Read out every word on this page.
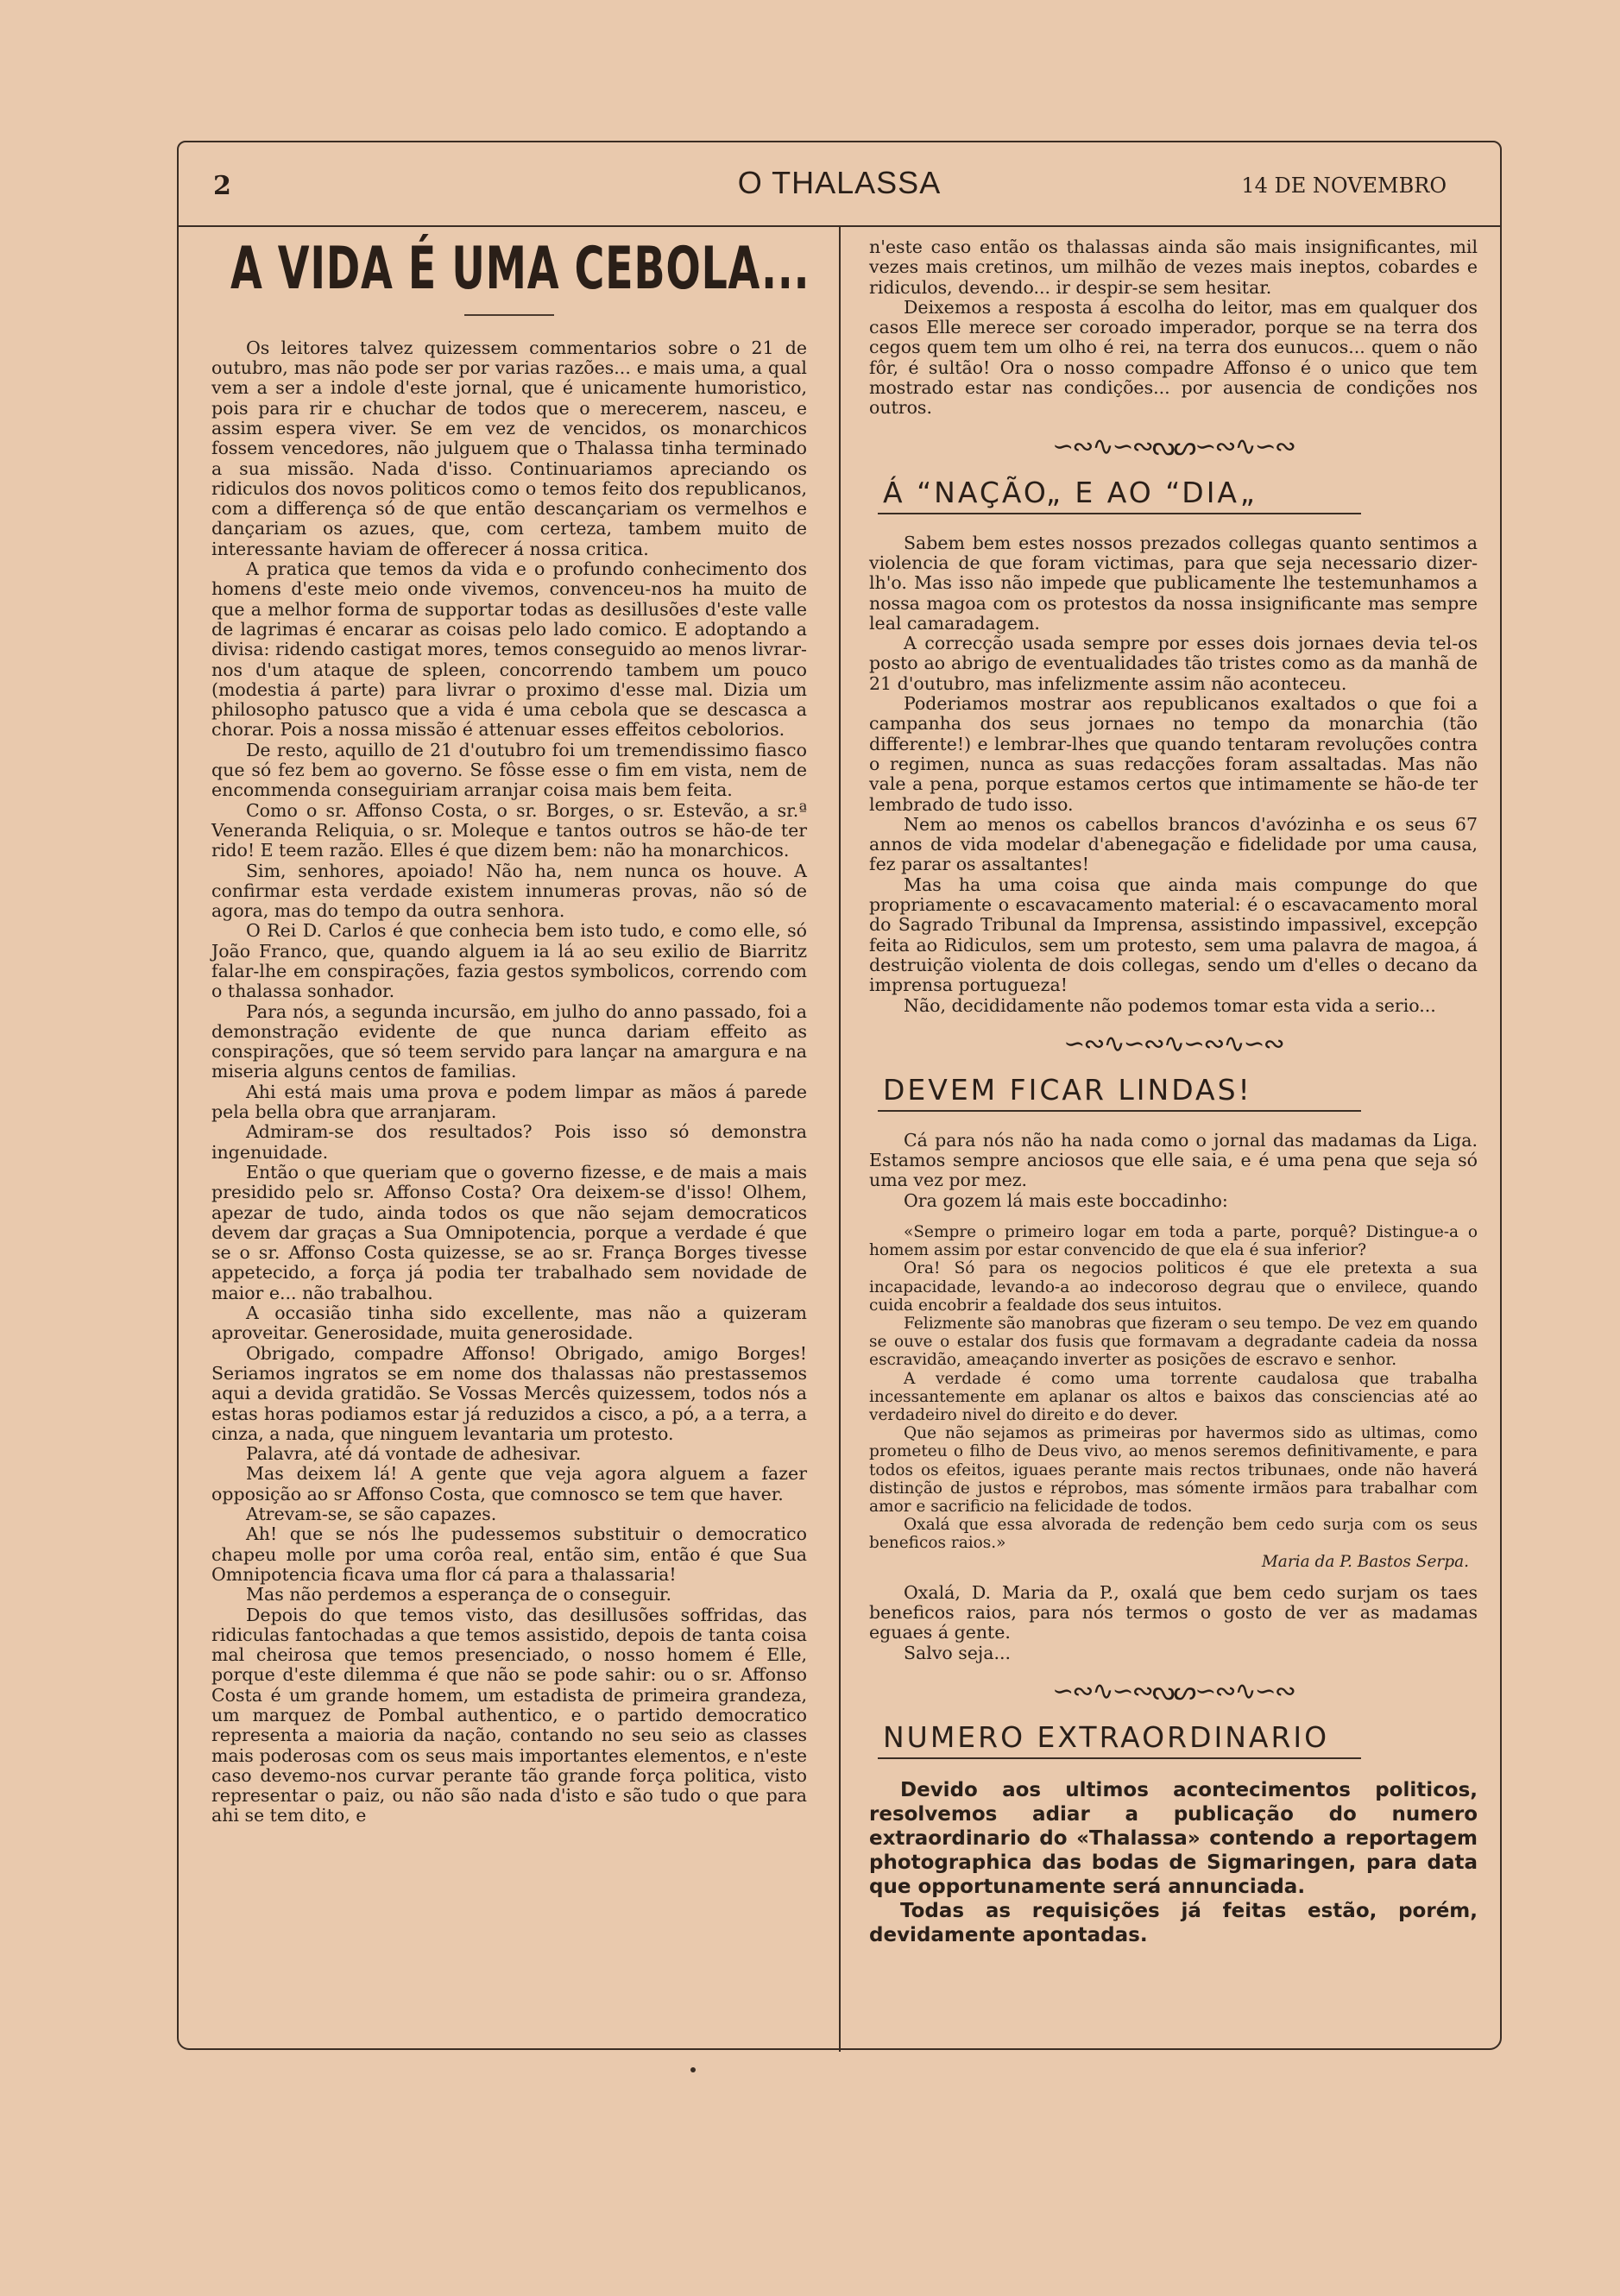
2	O THALASSA	14 DE NOVEMBRO
A VIDA É UMA CEBOLA...

Os leitores talvez quizessem commentarios sobre o 21 de outubro, mas não pode ser por varias razões... e mais uma, a qual vem a ser a indole d'este jornal, que é unicamente humoristico, pois para rir e chuchar de todos que o merecerem, nasceu, e assim espera viver. Se em vez de vencidos, os monarchicos fossem vencedores, não julguem que o Thalassa tinha terminado a sua missão. Nada d'isso. Continuariamos apreciando os ridiculos dos novos politicos como o temos feito dos republicanos, com a differença só de que então descançariam os vermelhos e dançariam os azues, que, com certeza, tambem muito de interessante haviam de offerecer á nossa critica.

A pratica que temos da vida e o profundo conhecimento dos homens d'este meio onde vivemos, convenceu-nos ha muito de que a melhor forma de supportar todas as desillusões d'este valle de lagrimas é encarar as coisas pelo lado comico. E adoptando a divisa: ridendo castigat mores, temos conseguido ao menos livrar-nos d'um ataque de spleen, concorrendo tambem um pouco (modestia á parte) para livrar o proximo d'esse mal. Dizia um philosopho patusco que a vida é uma cebola que se descasca a chorar. Pois a nossa missão é attenuar esses effeitos cebolorios.

De resto, aquillo de 21 d'outubro foi um tremendissimo fiasco que só fez bem ao governo. Se fôsse esse o fim em vista, nem de encommenda conseguiriam arranjar coisa mais bem feita.

Como o sr. Affonso Costa, o sr. Borges, o sr. Estevão, a sr.ª Veneranda Reliquia, o sr. Moleque e tantos outros se hão-de ter rido! E teem razão. Elles é que dizem bem: não ha monarchicos.

Sim, senhores, apoiado! Não ha, nem nunca os houve. A confirmar esta verdade existem innumeras provas, não só de agora, mas do tempo da outra senhora.

O Rei D. Carlos é que conhecia bem isto tudo, e como elle, só João Franco, que, quando alguem ia lá ao seu exilio de Biarritz falar-lhe em conspirações, fazia gestos symbolicos, correndo com o thalassa sonhador.

Para nós, a segunda incursão, em julho do anno passado, foi a demonstração evidente de que nunca dariam effeito as conspirações, que só teem servido para lançar na amargura e na miseria alguns centos de familias.

Ahi está mais uma prova e podem limpar as mãos á parede pela bella obra que arranjaram.

Admiram-se dos resultados? Pois isso só demonstra ingenuidade.

Então o que queriam que o governo fizesse, e de mais a mais presidido pelo sr. Affonso Costa? Ora deixem-se d'isso! Olhem, apezar de tudo, ainda todos os que não sejam democraticos devem dar graças a Sua Omnipotencia, porque a verdade é que se o sr. Affonso Costa quizesse, se ao sr. França Borges tivesse appetecido, a força já podia ter trabalhado sem novidade de maior e... não trabalhou.

A occasião tinha sido excellente, mas não a quizeram aproveitar. Generosidade, muita generosidade.

Obrigado, compadre Affonso! Obrigado, amigo Borges! Seriamos ingratos se em nome dos thalassas não prestassemos aqui a devida gratidão. Se Vossas Mercês quizessem, todos nós a estas horas podiamos estar já reduzidos a cisco, a pó, a a terra, a cinza, a nada, que ninguem levantaria um protesto.

Palavra, até dá vontade de adhesivar.

Mas deixem lá! A gente que veja agora alguem a fazer opposição ao sr Affonso Costa, que comnosco se tem que haver.

Atrevam-se, se são capazes.

Ah! que se nós lhe pudessemos substituir o democratico chapeu molle por uma corôa real, então sim, então é que Sua Omnipotencia ficava uma flor cá para a thalassaria!

Mas não perdemos a esperança de o conseguir.

Depois do que temos visto, das desillusões soffridas, das ridiculas fantochadas a que temos assistido, depois de tanta coisa mal cheirosa que temos presenciado, o nosso homem é Elle, porque d'este dilemma é que não se pode sahir: ou o sr. Affonso Costa é um grande homem, um estadista de primeira grandeza, um marquez de Pombal authentico, e o partido democratico representa a maioria da nação, contando no seu seio as classes mais poderosas com os seus mais importantes elementos, e n'este caso devemo-nos curvar perante tão grande força politica, visto representar o paiz, ou não são nada d'isto e são tudo o que para ahi se tem dito, e

n'este caso então os thalassas ainda são mais insignificantes, mil vezes mais cretinos, um milhão de vezes mais ineptos, cobardes e ridiculos, devendo... ir despir-se sem hesitar.

Deixemos a resposta á escolha do leitor, mas em qualquer dos casos Elle merece ser coroado imperador, porque se na terra dos cegos quem tem um olho é rei, na terra dos eunucos... quem o não fôr, é sultão! Ora o nosso compadre Affonso é o unico que tem mostrado estar nas condições... por ausencia de condições nos outros.

∽∾∿∽∾ᔓᔕ∽∾∿∽∾
Á “NAÇÃO„ E AO “DIA„

Sabem bem estes nossos prezados collegas quanto sentimos a violencia de que foram victimas, para que seja necessario dizer-lh'o. Mas isso não impede que publicamente lhe testemunhamos a nossa magoa com os protestos da nossa insignificante mas sempre leal camaradagem.

A correcção usada sempre por esses dois jornaes devia tel-os posto ao abrigo de eventualidades tão tristes como as da manhã de 21 d'outubro, mas infelizmente assim não aconteceu.

Poderiamos mostrar aos republicanos exaltados o que foi a campanha dos seus jornaes no tempo da monarchia (tão differente!) e lembrar-lhes que quando tentaram revoluções contra o regimen, nunca as suas redacções foram assaltadas. Mas não vale a pena, porque estamos certos que intimamente se hão-de ter lembrado de tudo isso.

Nem ao menos os cabellos brancos d'avózinha e os seus 67 annos de vida modelar d'abenegação e fidelidade por uma causa, fez parar os assaltantes!

Mas ha uma coisa que ainda mais compunge do que propriamente o escavacamento material: é o escavacamento moral do Sagrado Tribunal da Imprensa, assistindo impassivel, excepção feita ao Ridiculos, sem um protesto, sem uma palavra de magoa, á destruição violenta de dois collegas, sendo um d'elles o decano da imprensa portugueza!

Não, decididamente não podemos tomar esta vida a serio...

∽∾∿∽∾∿∽∾∿∽∾
DEVEM FICAR LINDAS!

Cá para nós não ha nada como o jornal das madamas da Liga. Estamos sempre anciosos que elle saia, e é uma pena que seja só uma vez por mez.

Ora gozem lá mais este boccadinho:

«Sempre o primeiro logar em toda a parte, porquê? Distingue-a o homem assim por estar convencido de que ela é sua inferior?

Ora! Só para os negocios politicos é que ele pretexta a sua incapacidade, levando-a ao indecoroso degrau que o envilece, quando cuida encobrir a fealdade dos seus intuitos.

Felizmente são manobras que fizeram o seu tempo. De vez em quando se ouve o estalar dos fusis que formavam a degradante cadeia da nossa escravidão, ameaçando inverter as posições de escravo e senhor.

A verdade é como uma torrente caudalosa que trabalha incessantemente em aplanar os altos e baixos das consciencias até ao verdadeiro nivel do direito e do dever.

Que não sejamos as primeiras por havermos sido as ultimas, como prometeu o filho de Deus vivo, ao menos seremos definitivamente, e para todos os efeitos, iguaes perante mais rectos tribunaes, onde não haverá distinção de justos e réprobos, mas sómente irmãos para trabalhar com amor e sacrificio na felicidade de todos.

Oxalá que essa alvorada de redenção bem cedo surja com os seus beneficos raios.»

Maria da P. Bastos Serpa.

Oxalá, D. Maria da P., oxalá que bem cedo surjam os taes beneficos raios, para nós termos o gosto de ver as madamas eguaes á gente.

Salvo seja...

∽∾∿∽∾ᔓᔕ∽∾∿∽∾
NUMERO EXTRAORDINARIO

Devido aos ultimos acontecimentos politicos, resolvemos adiar a publicação do numero extraordinario do «Thalassa» contendo a reportagem photographica das bodas de Sigmaringen, para data que opportunamente será annunciada.

Todas as requisições já feitas estão, porém, devidamente apontadas.
